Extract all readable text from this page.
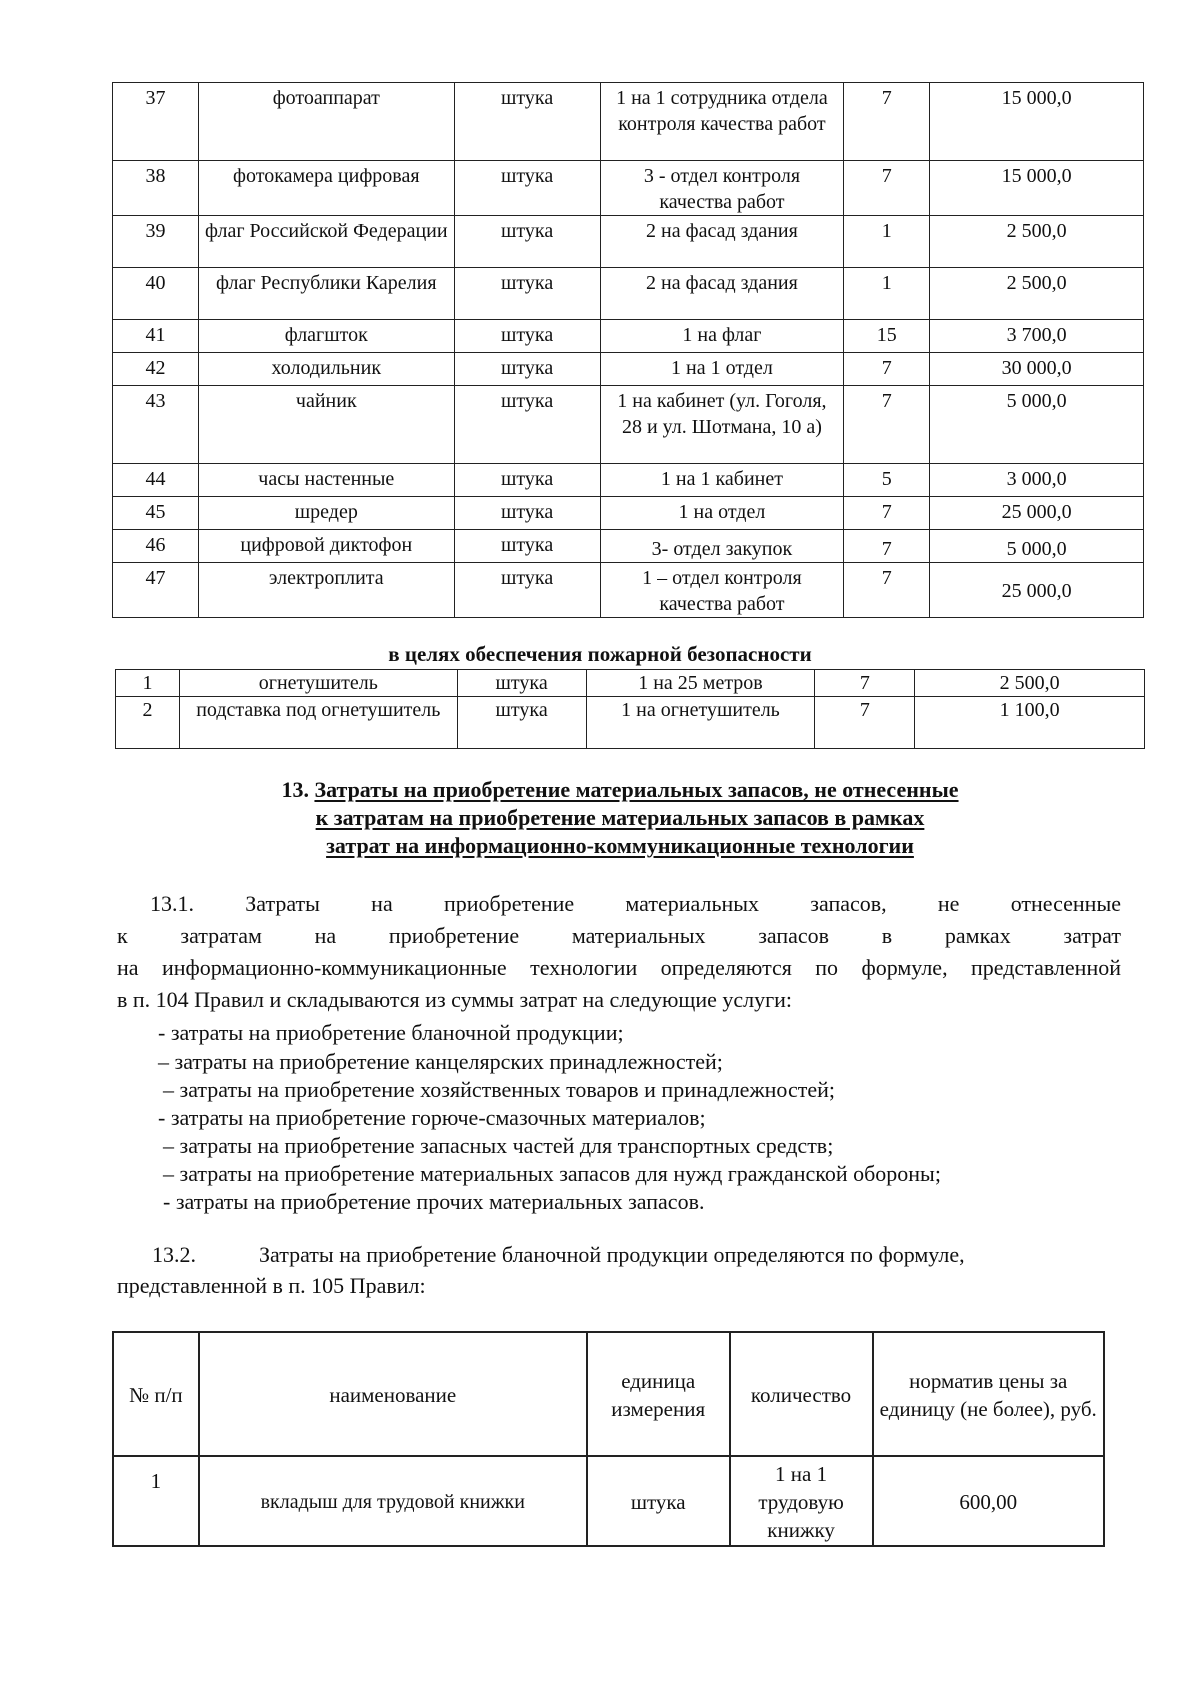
37	фотоаппарат	штука	1 на 1 сотрудника отдела контроля качества работ	7	15 000,0
38	фотокамера цифровая	штука	3 - отдел контроля качества работ	7	15 000,0
39	флаг Российской Федерации	штука	2 на фасад здания	1	2 500,0
40	флаг Республики Карелия	штука	2 на фасад здания	1	2 500,0
41	флагшток	штука	1 на флаг	15	3 700,0
42	холодильник	штука	1 на 1 отдел	7	30 000,0
43	чайник	штука	1 на кабинет (ул. Гоголя, 28 и ул. Шотмана, 10 а)	7	5 000,0
44	часы настенные	штука	1 на 1 кабинет	5	3 000,0
45	шредер	штука	1 на отдел	7	25 000,0
46	цифровой диктофон	штука	3- отдел закупок	7	5 000,0
47	электроплита	штука	1 – отдел контроля качества работ	7	25 000,0
в целях обеспечения пожарной безопасности
1	огнетушитель	штука	1 на 25 метров	7	2 500,0
2	подставка под огнетушитель	штука	1 на огнетушитель	7	1 100,0
13. Затраты на приобретение материальных запасов, не отнесенные
к затратам на приобретение материальных запасов в рамках
затрат на информационно-коммуникационные технологии
13.1. Затраты на приобретение материальных запасов, не отнесенные
к затратам на приобретение материальных запасов в рамках затрат
на информационно-коммуникационные технологии определяются по формуле, представленной
в п. 104 Правил и складываются из суммы затрат на следующие услуги:
- затраты на приобретение бланочной продукции;
– затраты на приобретение канцелярских принадлежностей;
– затраты на приобретение хозяйственных товаров и принадлежностей;
- затраты на приобретение горюче-смазочных материалов;
– затраты на приобретение запасных частей для транспортных средств;
– затраты на приобретение материальных запасов для нужд гражданской обороны;
- затраты на приобретение прочих материальных запасов.
13.2.	Затраты на приобретение бланочной продукции определяются по формуле,
представленной в п. 105 Правил:
№ п/п	наименование	единица измерения	количество	норматив цены за единицу (не более), руб.
1	вкладыш для трудовой книжки	штука	1 на 1 трудовую книжку	600,00
